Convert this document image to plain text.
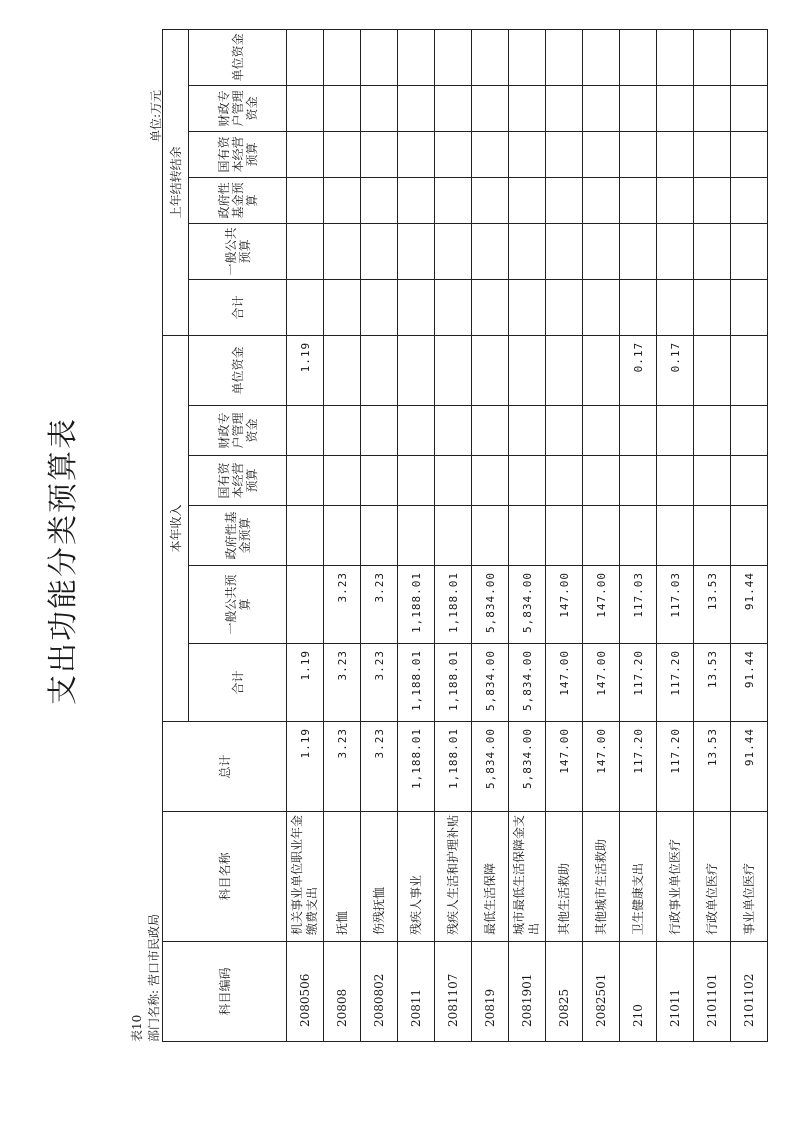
支出功能分类预算表
表10 部门名称:营口市民政局
单位:万元
科目编码	科目名称	总计	本年收入						上年结转结余					
			合计	一般公共预算	政府性基金预算	国有资本经营预算	财政专户管理资金	单位资金	合计	一般公共预算	政府性基金预算	国有资本经营预算	财政专户管理资金	单位资金

2080506	机关事业单位职业年金缴费支出	1.19	1.19					1.19						
20808	抚恤	3.23	3.23	3.23										
2080802	伤残抚恤	3.23	3.23	3.23										
20811	残疾人事业	1,188.01	1,188.01	1,188.01										
2081107	残疾人生活和护理补贴	1,188.01	1,188.01	1,188.01										
20819	最低生活保障	5,834.00	5,834.00	5,834.00										
2081901	城市最低生活保障金支出	5,834.00	5,834.00	5,834.00										
20825	其他生活救助	147.00	147.00	147.00										
2082501	其他城市生活救助	147.00	147.00	147.00										
210	卫生健康支出	117.20	117.20	117.03				0.17						
21011	行政事业单位医疗	117.20	117.20	117.03				0.17						
2101101	行政单位医疗	13.53	13.53	13.53										
2101102	事业单位医疗	91.44	91.44	91.44										
